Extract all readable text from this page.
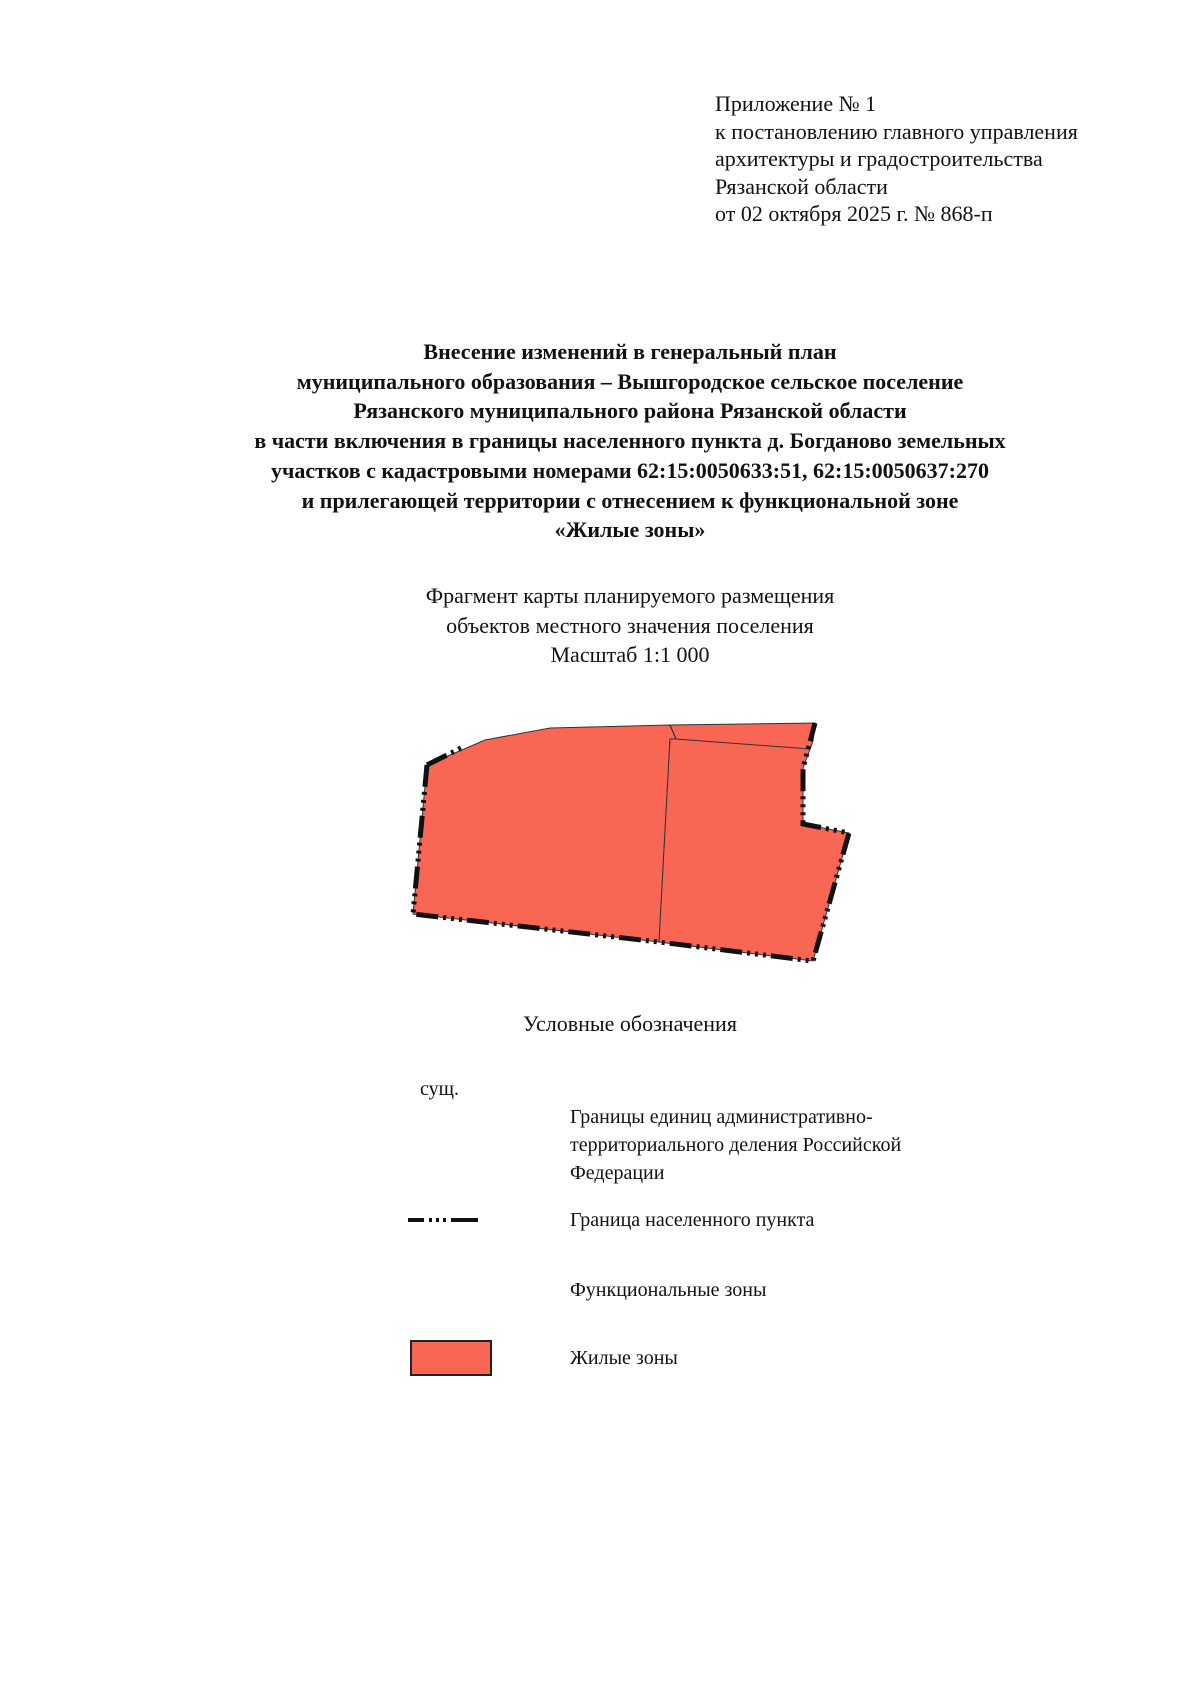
Приложение № 1
к постановлению главного управления
архитектуры и градостроительства
Рязанской области
от 02 октября 2025 г. № 868-п
Внесение изменений в генеральный план
муниципального образования – Вышгородское сельское поселение
Рязанского муниципального района Рязанской области
в части включения в границы населенного пункта д. Богданово земельных
участков с кадастровыми номерами 62:15:0050633:51, 62:15:0050637:270
и прилегающей территории с отнесением к функциональной зоне
«Жилые зоны»
Фрагмент карты планируемого размещения
объектов местного значения поселения
Масштаб 1:1 000
Условные обозначения
сущ.
Границы единиц административно-
территориального деления Российской
Федерации
Граница населенного пункта
Функциональные зоны
Жилые зоны
